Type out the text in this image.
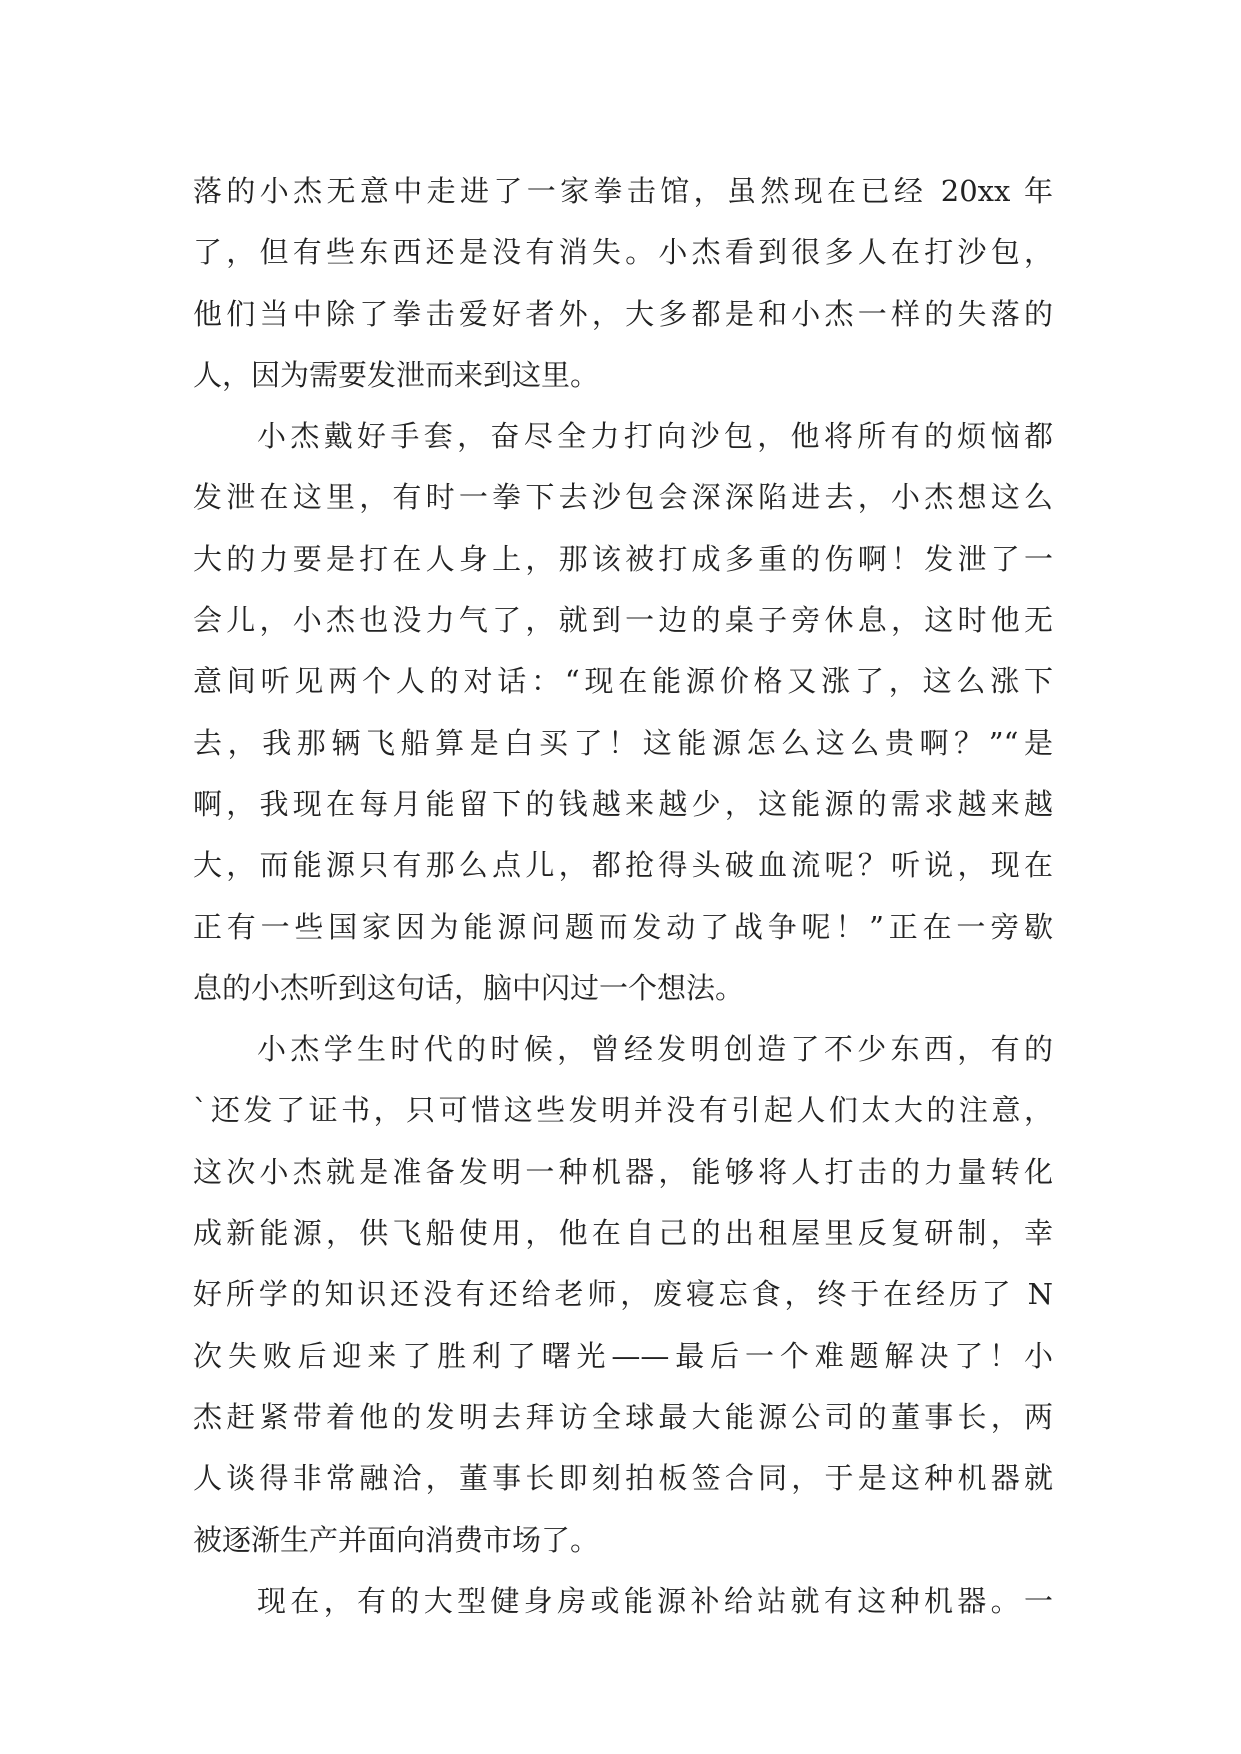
落的小杰无意中走进了一家拳击馆，虽然现在已经 20xx 年
了，但有些东西还是没有消失。小杰看到很多人在打沙包，
他们当中除了拳击爱好者外，大多都是和小杰一样的失落的
人，因为需要发泄而来到这里。
小杰戴好手套，奋尽全力打向沙包，他将所有的烦恼都
发泄在这里，有时一拳下去沙包会深深陷进去，小杰想这么
大的力要是打在人身上，那该被打成多重的伤啊！发泄了一
会儿，小杰也没力气了，就到一边的桌子旁休息，这时他无
意间听见两个人的对话：“现在能源价格又涨了，这么涨下
去，我那辆飞船算是白买了！这能源怎么这么贵啊？”“是
啊，我现在每月能留下的钱越来越少，这能源的需求越来越
大，而能源只有那么点儿，都抢得头破血流呢？听说，现在
正有一些国家因为能源问题而发动了战争呢！”正在一旁歇
息的小杰听到这句话，脑中闪过一个想法。
小杰学生时代的时候，曾经发明创造了不少东西，有的
`还发了证书，只可惜这些发明并没有引起人们太大的注意，
这次小杰就是准备发明一种机器，能够将人打击的力量转化
成新能源，供飞船使用，他在自己的出租屋里反复研制，幸
好所学的知识还没有还给老师，废寝忘食，终于在经历了 N
次失败后迎来了胜利了曙光——最后一个难题解决了！小
杰赶紧带着他的发明去拜访全球最大能源公司的董事长，两
人谈得非常融洽，董事长即刻拍板签合同，于是这种机器就
被逐渐生产并面向消费市场了。
现在，有的大型健身房或能源补给站就有这种机器。一
